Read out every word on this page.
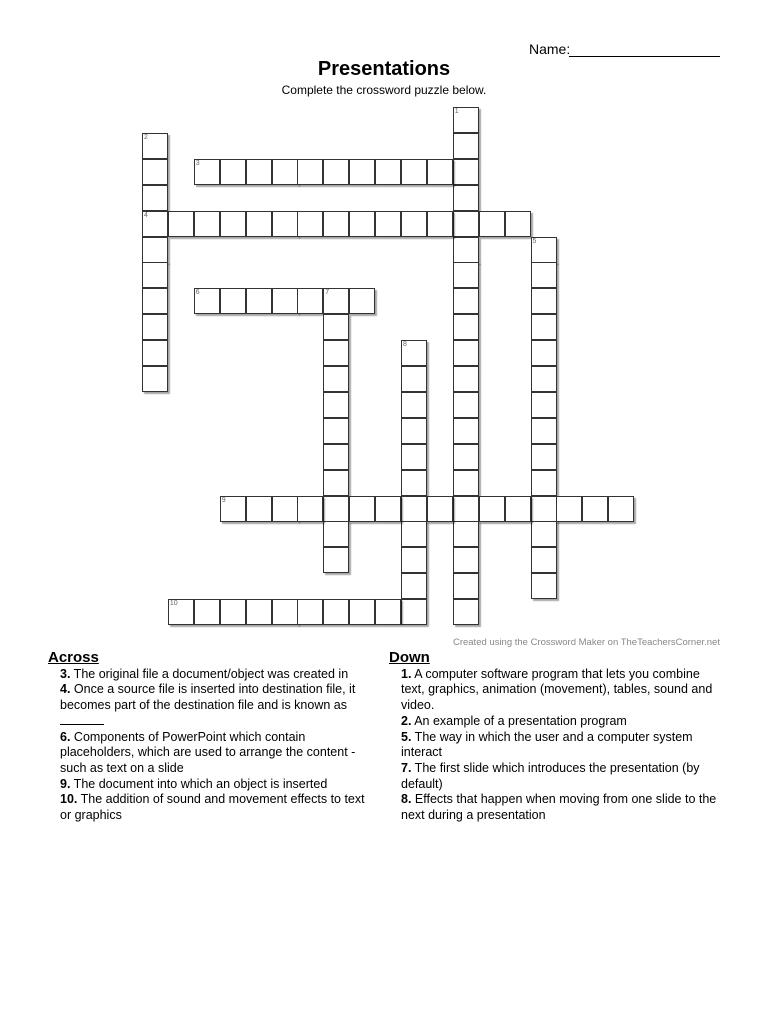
Name:
Presentations
Complete the crossword puzzle below.
1
2
4
3
5
6	7
8
9
10
Created using the Crossword Maker on TheTeachersCorner.net
Across
3. The original file a document/object was created in
4. Once a source file is inserted into destination file, it becomes part of the destination file and is known as

6. Components of PowerPoint which contain placeholders, which are used to arrange the content - such as text on a slide
9. The document into which an object is inserted
10. The addition of sound and movement effects to text or graphics
Down
1. A computer software program that lets you combine text, graphics, animation (movement), tables, sound and video.
2. An example of a presentation program
5. The way in which the user and a computer system interact
7. The first slide which introduces the presentation (by default)
8. Effects that happen when moving from one slide to the next during a presentation
